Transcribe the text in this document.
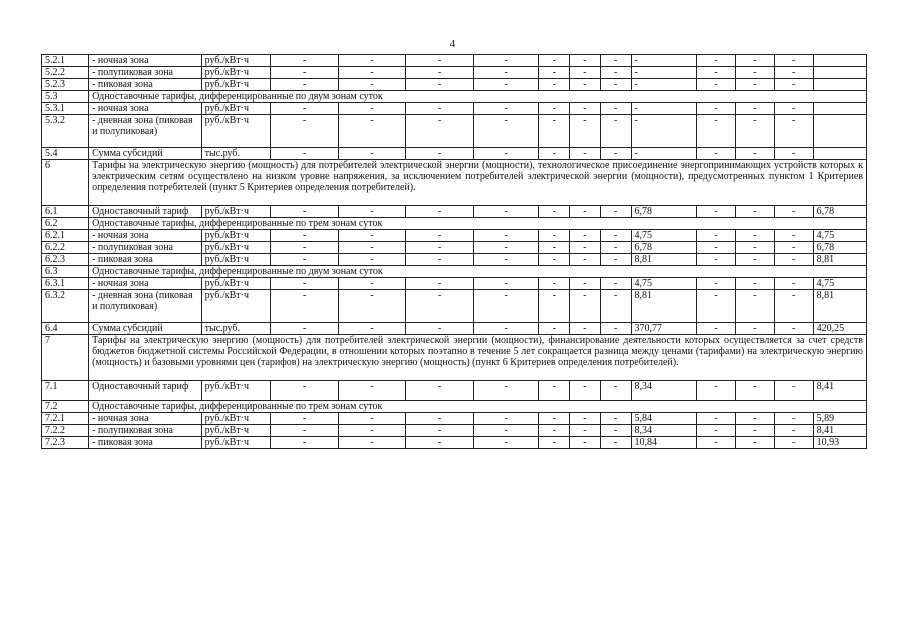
4
5.2.1	- ночная зона	руб./кВт·ч	-	-	-	-	-	-	-	-	-	-	-	
5.2.2	- полупиковая зона	руб./кВт·ч	-	-	-	-	-	-	-	-	-	-	-	
5.2.3	- пиковая зона	руб./кВт·ч	-	-	-	-	-	-	-	-	-	-	-	
5.3	Одноставочные тарифы, дифференцированные по двум зонам суток													
5.3.1	- ночная зона	руб./кВт·ч	-	-	-	-	-	-	-	-	-	-	-	
5.3.2	- дневная зона (пиковая и полупиковая)	руб./кВт·ч	-	-	-	-	-	-	-	-	-	-	-	
5.4	Сумма субсидий	тыс.руб.	-	-	-	-	-	-	-	-	-	-	-	
6	Тарифы на электрическую энергию (мощность) для потребителей электрической энергии (мощности), технологическое присоединение энергопринимающих устройств которых к электрическим сетям осуществлено на низком уровне напряжения, за исключением потребителей электрической энергии (мощности), предусмотренных пунктом 1 Критериев определения потребителей (пункт 5 Критериев определения потребителей).													
6.1	Одноставочный тариф	руб./кВт·ч	-	-	-	-	-	-	-	6,78	-	-	-	6,78
6.2	Одноставочные тарифы, дифференцированные по трем зонам суток													
6.2.1	- ночная зона	руб./кВт·ч	-	-	-	-	-	-	-	4,75	-	-	-	4,75
6.2.2	- полупиковая зона	руб./кВт·ч	-	-	-	-	-	-	-	6,78	-	-	-	6,78
6.2.3	- пиковая зона	руб./кВт·ч	-	-	-	-	-	-	-	8,81	-	-	-	8,81
6.3	Одноставочные тарифы, дифференцированные по двум зонам суток													
6.3.1	- ночная зона	руб./кВт·ч	-	-	-	-	-	-	-	4,75	-	-	-	4,75
6.3.2	- дневная зона (пиковая и полупиковая)	руб./кВт·ч	-	-	-	-	-	-	-	8,81	-	-	-	8,81
6.4	Сумма субсидий	тыс.руб.	-	-	-	-	-	-	-	370,77	-	-	-	420,25
7	Тарифы на электрическую энергию (мощность) для потребителей электрической энергии (мощности), финансирование деятельности которых осуществляется за счет средств бюджетов бюджетной системы Российской Федерации, в отношении которых поэтапно в течение 5 лет сокращается разница между ценами (тарифами) на электрическую энергию (мощность) и базовыми уровнями цен (тарифов) на электрическую энергию (мощность) (пункт 6 Критериев определения потребителей).													
7.1	Одноставочный тариф	руб./кВт·ч	-	-	-	-	-	-	-	8,34	-	-	-	8,41
7.2	Одноставочные тарифы, дифференцированные по трем зонам суток													
7.2.1	- ночная зона	руб./кВт·ч	-	-	-	-	-	-	-	5,84	-	-	-	5,89
7.2.2	- полупиковая зона	руб./кВт·ч	-	-	-	-	-	-	-	8,34	-	-	-	8,41
7.2.3	- пиковая зона	руб./кВт·ч	-	-	-	-	-	-	-	10,84	-	-	-	10,93
